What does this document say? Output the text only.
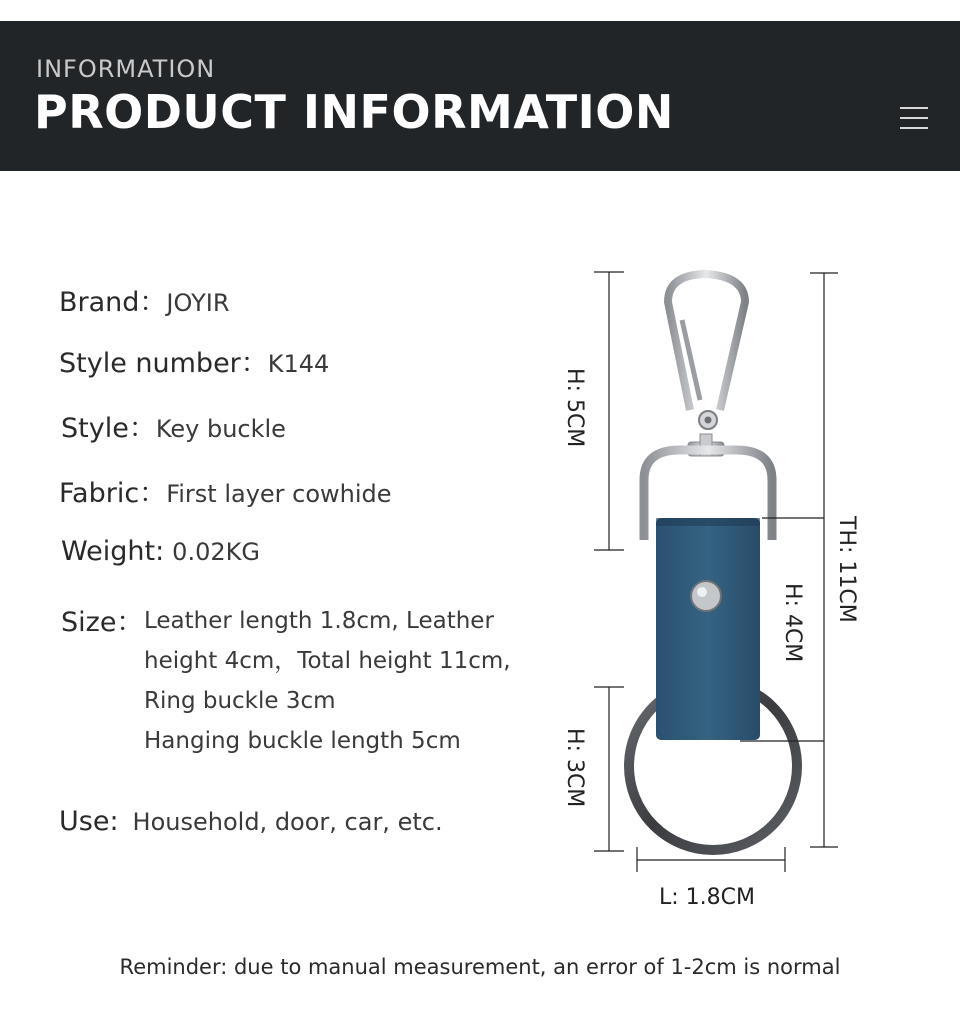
INFORMATION
PRODUCT INFORMATION
Brand：JOYIR
Style number：K144
Style：Key buckle
Fabric：First layer cowhide
Weight: 0.02KG
Size： Leather length 1.8cm, Leather
height 4cm，Total height 11cm,
Ring buckle 3cm
Hanging buckle length 5cm
Use: Household, door, car, etc.
H: 5CM
H: 3CM
TH: 11CM
H: 4CM
L: 1.8CM
Reminder: due to manual measurement, an error of 1-2cm is normal
